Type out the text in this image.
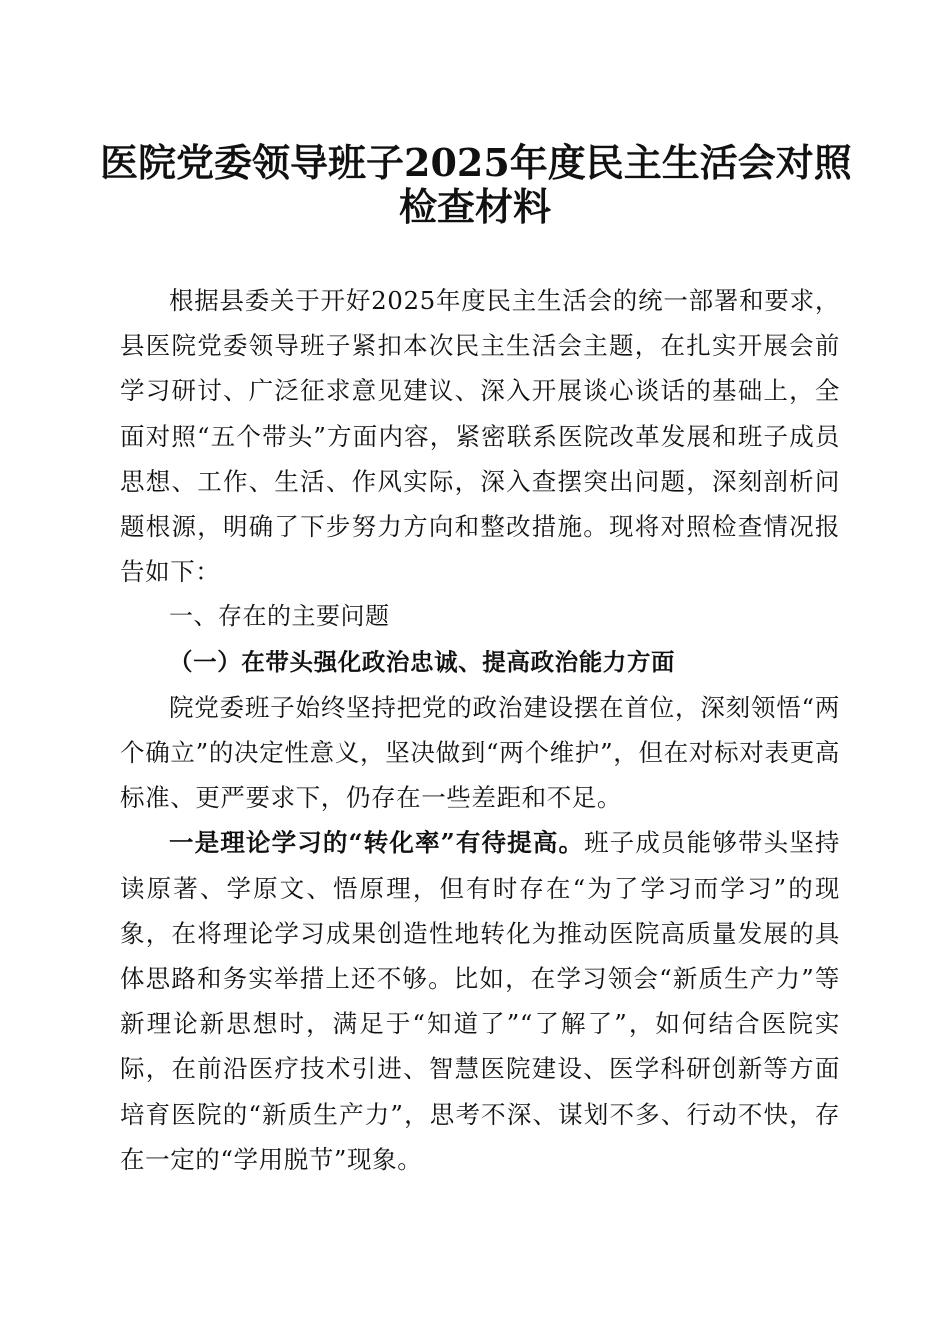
医院党委领导班子2025年度民主生活会对照
检查材料

根据县委关于开好2025年度民主生活会的统一部署和要求，县医院党委领导班子紧扣本次民主生活会主题，在扎实开展会前学习研讨、广泛征求意见建议、深入开展谈心谈话的基础上，全面对照“五个带头”方面内容，紧密联系医院改革发展和班子成员思想、工作、生活、作风实际，深入查摆突出问题，深刻剖析问题根源，明确了下步努力方向和整改措施。现将对照检查情况报告如下：

一、存在的主要问题

（一）在带头强化政治忠诚、提高政治能力方面

院党委班子始终坚持把党的政治建设摆在首位，深刻领悟“两个确立”的决定性意义，坚决做到“两个维护”，但在对标对表更高标准、更严要求下，仍存在一些差距和不足。

一是理论学习的“转化率”有待提高。班子成员能够带头坚持读原著、学原文、悟原理，但有时存在“为了学习而学习”的现象，在将理论学习成果创造性地转化为推动医院高质量发展的具体思路和务实举措上还不够。比如，在学习领会“新质生产力”等新理论新思想时，满足于“知道了”“了解了”，如何结合医院实际，在前沿医疗技术引进、智慧医院建设、医学科研创新等方面培育医院的“新质生产力”，思考不深、谋划不多、行动不快，存在一定的“学用脱节”现象。
